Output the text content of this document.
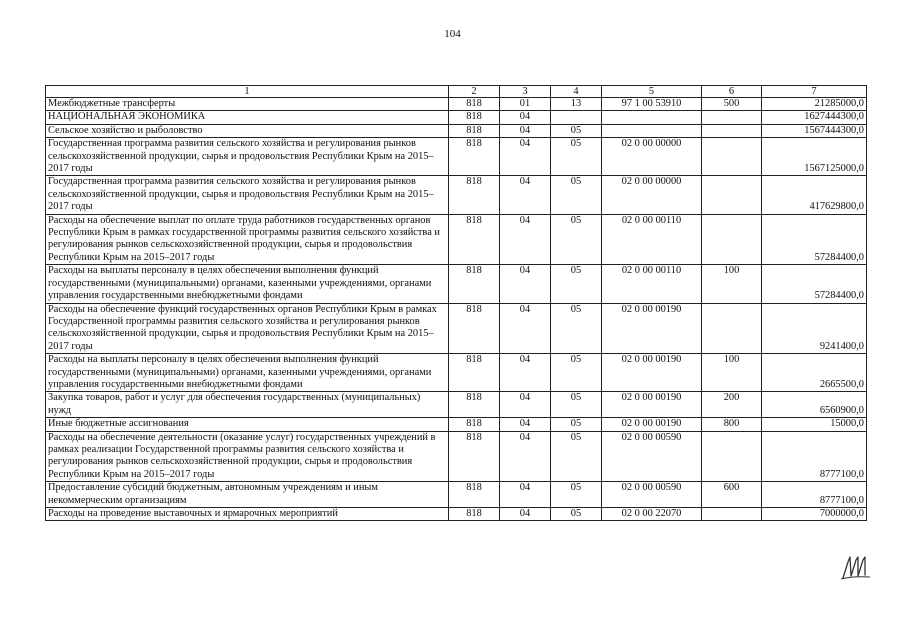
104
1	2	3	4	5	6	7
Межбюджетные трансферты	818	01	13	97 1 00 53910	500	21285000,0
НАЦИОНАЛЬНАЯ ЭКОНОМИКА	818	04				1627444300,0
Сельское хозяйство и рыболовство	818	04	05			1567444300,0
Государственная программа развития сельского хозяйства и регулирования рынков сельскохозяйственной продукции, сырья и продовольствия Республики Крым на 2015–2017 годы	818	04	05	02 0 00 00000		1567125000,0
Государственная программа развития сельского хозяйства и регулирования рынков сельскохозяйственной продукции, сырья и продовольствия Республики Крым на 2015–2017 годы	818	04	05	02 0 00 00000		417629800,0
Расходы на обеспечение выплат по оплате труда работников государственных органов Республики Крым в рамках государственной программы развития сельского хозяйства и регулирования рынков сельскохозяйственной продукции, сырья и продовольствия Республики Крым на 2015–2017 годы	818	04	05	02 0 00 00110		57284400,0
Расходы на выплаты персоналу в целях обеспечения выполнения функций государственными (муниципальными) органами, казенными учреждениями, органами управления государственными внебюджетными фондами	818	04	05	02 0 00 00110	100	57284400,0
Расходы на обеспечение функций государственных органов Республики Крым в рамках Государственной программы развития сельского хозяйства и регулирования рынков сельскохозяйственной продукции, сырья и продовольствия Республики Крым на 2015–2017 годы	818	04	05	02 0 00 00190		9241400,0
Расходы на выплаты персоналу в целях обеспечения выполнения функций государственными (муниципальными) органами, казенными учреждениями, органами управления государственными внебюджетными фондами	818	04	05	02 0 00 00190	100	2665500,0
Закупка товаров, работ и услуг для обеспечения государственных (муниципальных) нужд	818	04	05	02 0 00 00190	200	6560900,0
Иные бюджетные ассигнования	818	04	05	02 0 00 00190	800	15000,0
Расходы на обеспечение деятельности (оказание услуг) государственных учреждений в рамках реализации Государственной программы развития сельского хозяйства и регулирования рынков сельскохозяйственной продукции, сырья и продовольствия Республики Крым на 2015–2017 годы	818	04	05	02 0 00 00590		8777100,0
Предоставление субсидий бюджетным, автономным учреждениям и иным некоммерческим организациям	818	04	05	02 0 00 00590	600	8777100,0
Расходы на проведение выставочных и ярмарочных мероприятий	818	04	05	02 0 00 22070		7000000,0
